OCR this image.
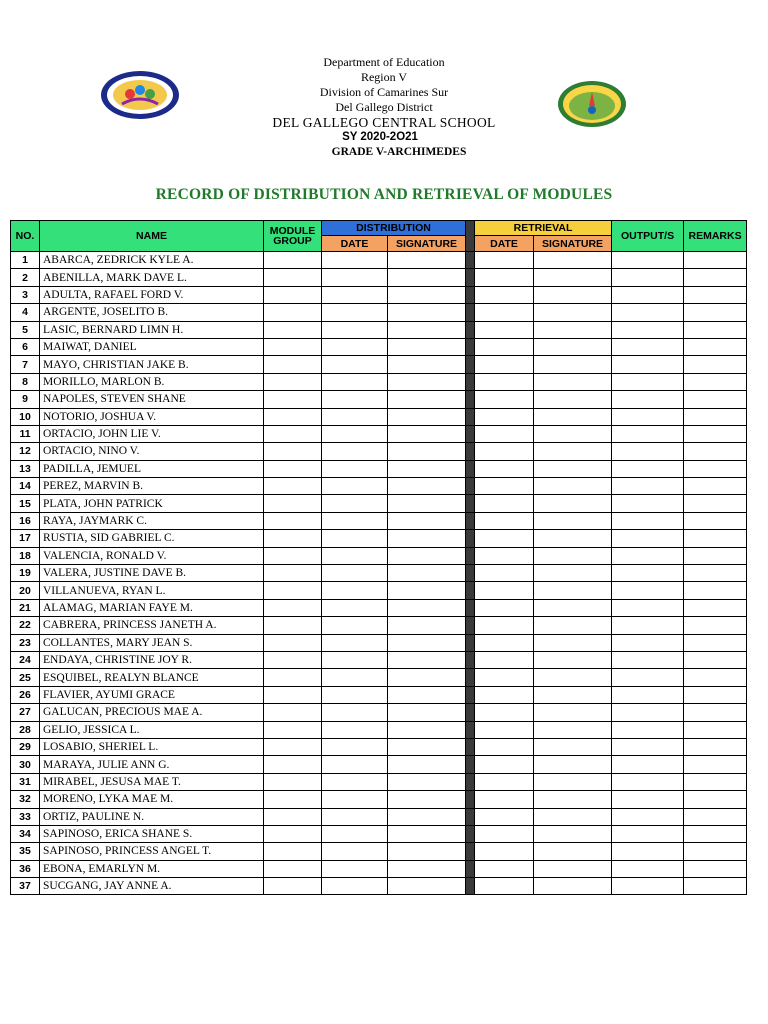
Department of Education
Region V
Division of Camarines Sur
Del Gallego District
DEL GALLEGO CENTRAL SCHOOL
SY 2020-2O21
GRADE V-ARCHIMEDES
RECORD OF DISTRIBUTION AND RETRIEVAL OF MODULES
NO.	NAME	MODULE GROUP	DISTRIBUTION			RETRIEVAL		OUTPUT/S	REMARKS
			DATE	SIGNATURE		DATE	SIGNATURE		
1	ABARCA, ZEDRICK KYLE A.								
2	ABENILLA, MARK DAVE L.								
3	ADULTA, RAFAEL FORD V.								
4	ARGENTE, JOSELITO B.								
5	LASIC, BERNARD LIMN H.								
6	MAIWAT, DANIEL								
7	MAYO, CHRISTIAN JAKE B.								
8	MORILLO, MARLON B.								
9	NAPOLES, STEVEN SHANE								
10	NOTORIO, JOSHUA V.								
11	ORTACIO, JOHN LIE V.								
12	ORTACIO, NINO V.								
13	PADILLA, JEMUEL								
14	PEREZ, MARVIN B.								
15	PLATA, JOHN PATRICK								
16	RAYA, JAYMARK C.								
17	RUSTIA, SID GABRIEL C.								
18	VALENCIA, RONALD V.								
19	VALERA, JUSTINE DAVE B.								
20	VILLANUEVA, RYAN L.								
21	ALAMAG, MARIAN FAYE M.								
22	CABRERA, PRINCESS JANETH A.								
23	COLLANTES, MARY JEAN S.								
24	ENDAYA, CHRISTINE JOY R.								
25	ESQUIBEL, REALYN BLANCE								
26	FLAVIER, AYUMI GRACE								
27	GALUCAN, PRECIOUS MAE A.								
28	GELIO, JESSICA L.								
29	LOSABIO, SHERIEL L.								
30	MARAYA, JULIE ANN G.								
31	MIRABEL, JESUSA MAE T.								
32	MORENO, LYKA MAE M.								
33	ORTIZ, PAULINE N.								
34	SAPINOSO, ERICA SHANE S.								
35	SAPINOSO, PRINCESS ANGEL T.								
36	EBONA, EMARLYN M.								
37	SUCGANG, JAY ANNE A.								
